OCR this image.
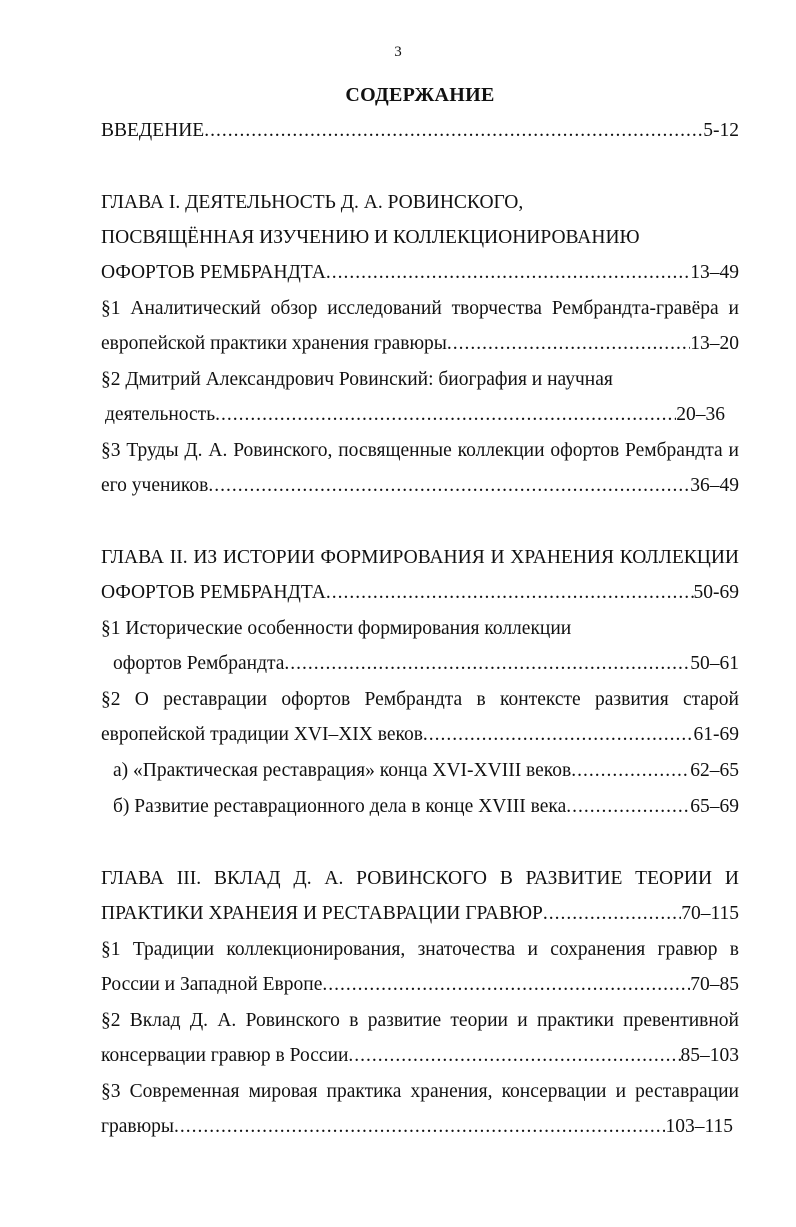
3
СОДЕРЖАНИЕ
ВВЕДЕНИЕ .....	5-12
ГЛАВА I. ДЕЯТЕЛЬНОСТЬ Д. А. РОВИНСКОГО,
ПОСВЯЩЁННАЯ ИЗУЧЕНИЮ И КОЛЛЕКЦИОНИРОВАНИЮ
ОФОРТОВ РЕМБРАНДТА .....	13–49
§1 Аналитический обзор исследований творчества Рембрандта-гравёра и
европейской практики хранения гравюры .....	13–20
§2 Дмитрий Александрович Ровинский: биография и научная
деятельность .....	20–36
§3 Труды Д. А. Ровинского, посвященные коллекции офортов Рембрандта и
его учеников .....	36–49
ГЛАВА II. ИЗ ИСТОРИИ ФОРМИРОВАНИЯ И ХРАНЕНИЯ КОЛЛЕКЦИИ
ОФОРТОВ РЕМБРАНДТА .....	50-69
§1 Исторические особенности формирования коллекции
офортов Рембрандта .....	50–61
§2 О реставрации офортов Рембрандта в контексте развития старой
европейской традиции XVI–XIX веков .....	61-69
а) «Практическая реставрация» конца XVI-XVIII веков .....	62–65
б) Развитие реставрационного дела в конце XVIII века .....	65–69
ГЛАВА III. ВКЛАД Д. А. РОВИНСКОГО В РАЗВИТИЕ ТЕОРИИ И
ПРАКТИКИ ХРАНЕИЯ И РЕСТАВРАЦИИ ГРАВЮР .....	70–115
§1 Традиции коллекционирования, знаточества и сохранения гравюр в
России и Западной Европе .....	70–85
§2 Вклад Д. А. Ровинского в развитие теории и практики превентивной
консервации гравюр в России .....	85–103
§3 Современная мировая практика хранения, консервации и реставрации
гравюры .....	103–115
